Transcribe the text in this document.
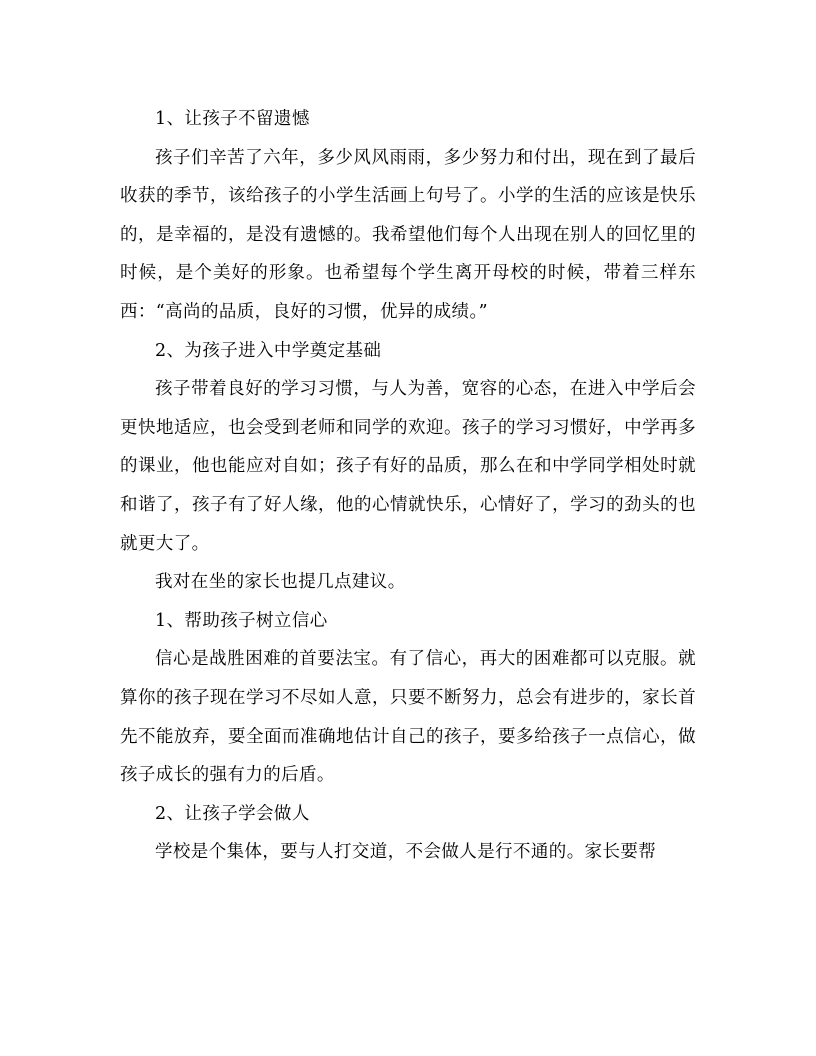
1、让孩子不留遗憾

孩子们辛苦了六年，多少风风雨雨，多少努力和付出，现在到了最后收获的季节，该给孩子的小学生活画上句号了。小学的生活的应该是快乐的，是幸福的，是没有遗憾的。我希望他们每个人出现在别人的回忆里的时候，是个美好的形象。也希望每个学生离开母校的时候，带着三样东西：“高尚的品质，良好的习惯，优异的成绩。”

2、为孩子进入中学奠定基础

孩子带着良好的学习习惯，与人为善，宽容的心态，在进入中学后会更快地适应，也会受到老师和同学的欢迎。孩子的学习习惯好，中学再多的课业，他也能应对自如；孩子有好的品质，那么在和中学同学相处时就和谐了，孩子有了好人缘，他的心情就快乐，心情好了，学习的劲头的也就更大了。

我对在坐的家长也提几点建议。

1、帮助孩子树立信心

信心是战胜困难的首要法宝。有了信心，再大的困难都可以克服。就算你的孩子现在学习不尽如人意，只要不断努力，总会有进步的，家长首先不能放弃，要全面而准确地估计自己的孩子，要多给孩子一点信心，做孩子成长的强有力的后盾。

2、让孩子学会做人

学校是个集体，要与人打交道，不会做人是行不通的。家长要帮
